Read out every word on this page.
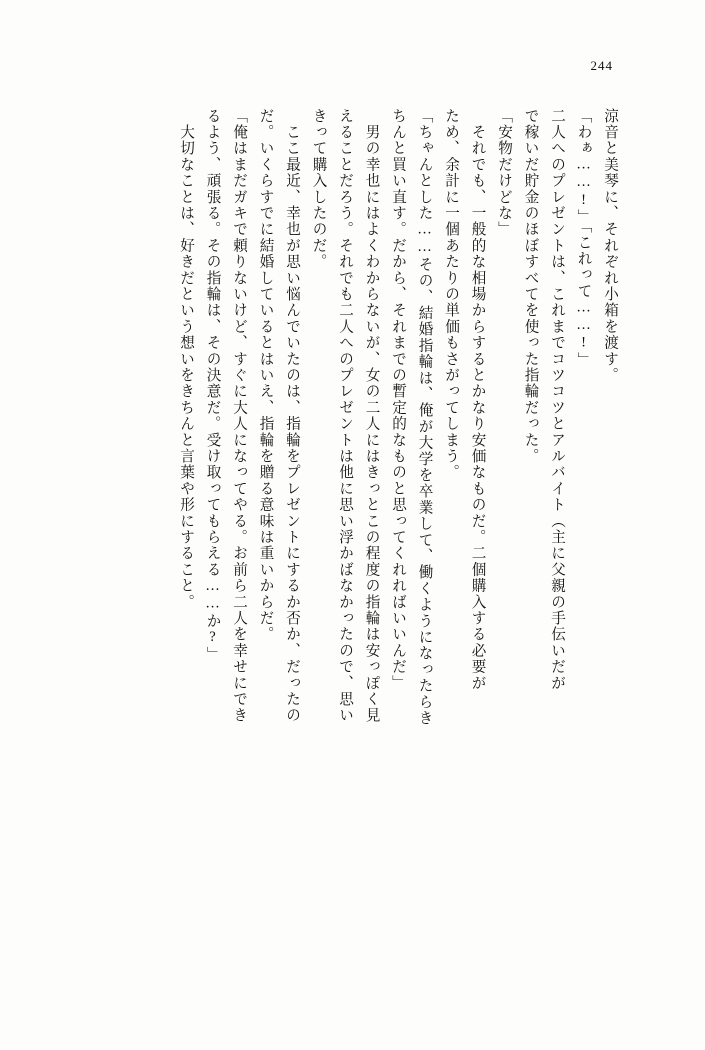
244
涼音と美琴に、それぞれ小箱を渡す。
「わぁ……!」「これって……!」
二人へのプレゼントは、これまでコツコツとアルバイト（主に父親の手伝いだが
で稼いだ貯金のほぼすべてを使った指輪だった。
「安物だけどな」
　それでも、一般的な相場からするとかなり安価なものだ。二個購入する必要が
ため、余計に一個あたりの単価もさがってしまう。
「ちゃんとした……その、結婚指輪は、俺が大学を卒業して、働くようになったらき
ちんと買い直す。だから、それまでの暫定的なものと思ってくれればいいんだ」
　男の幸也にはよくわからないが、女の二人にはきっとこの程度の指輪は安っぽく見
えることだろう。それでも二人へのプレゼントは他に思い浮かばなかったので、思い
きって購入したのだ。
　ここ最近、幸也が思い悩んでいたのは、指輪をプレゼントにするか否か、だったの
だ。いくらすでに結婚しているとはいえ、指輪を贈る意味は重いからだ。
「俺はまだガキで頼りないけど、すぐに大人になってやる。お前ら二人を幸せにでき
るよう、頑張る。その指輪は、その決意だ。受け取ってもらえる……か?」
　大切なことは、好きだという想いをきちんと言葉や形にすること。
